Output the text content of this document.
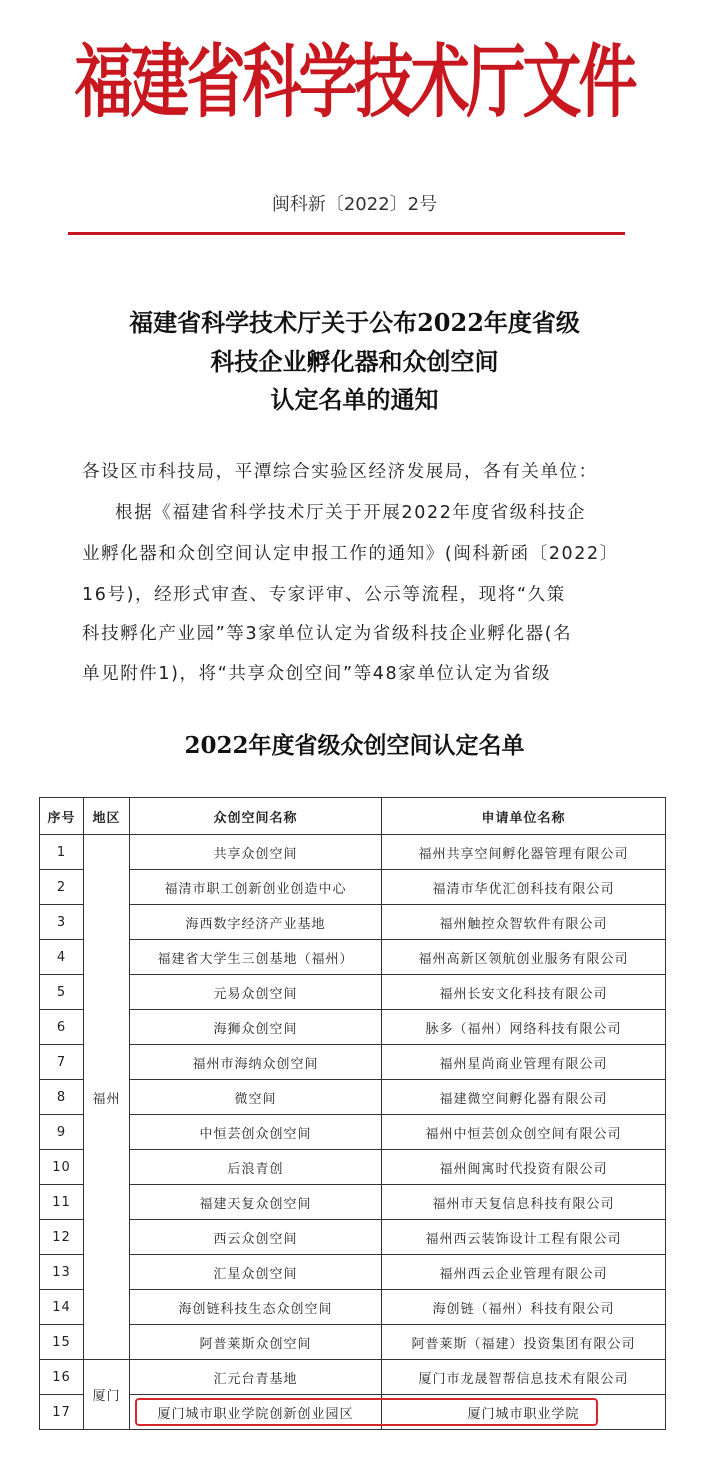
福建省科学技术厅文件
闽科新〔2022〕2号
福建省科学技术厅关于公布2022年度省级
科技企业孵化器和众创空间
认定名单的通知
各设区市科技局，平潭综合实验区经济发展局，各有关单位：
根据《福建省科学技术厅关于开展2022年度省级科技企
业孵化器和众创空间认定申报工作的通知》(闽科新函〔2022〕
16号)，经形式审查、专家评审、公示等流程，现将“久策
科技孵化产业园”等3家单位认定为省级科技企业孵化器(名
单见附件1)，将“共享众创空间”等48家单位认定为省级
2022年度省级众创空间认定名单
序号	地区	众创空间名称	申请单位名称
1	福州	共享众创空间	福州共享空间孵化器管理有限公司
2		福清市职工创新创业创造中心	福清市华优汇创科技有限公司
3		海西数字经济产业基地	福州触控众智软件有限公司
4		福建省大学生三创基地（福州）	福州高新区领航创业服务有限公司
5		元易众创空间	福州长安文化科技有限公司
6		海狮众创空间	脉多（福州）网络科技有限公司
7		福州市海纳众创空间	福州星尚商业管理有限公司
8		微空间	福建微空间孵化器有限公司
9		中恒芸创众创空间	福州中恒芸创众创空间有限公司
10		后浪青创	福州闽寓时代投资有限公司
11		福建天复众创空间	福州市天复信息科技有限公司
12		西云众创空间	福州西云装饰设计工程有限公司
13		汇星众创空间	福州西云企业管理有限公司
14		海创链科技生态众创空间	海创链（福州）科技有限公司
15		阿普莱斯众创空间	阿普莱斯（福建）投资集团有限公司
16	厦门	汇元台青基地	厦门市龙晟智帮信息技术有限公司
17		厦门城市职业学院创新创业园区	厦门城市职业学院
